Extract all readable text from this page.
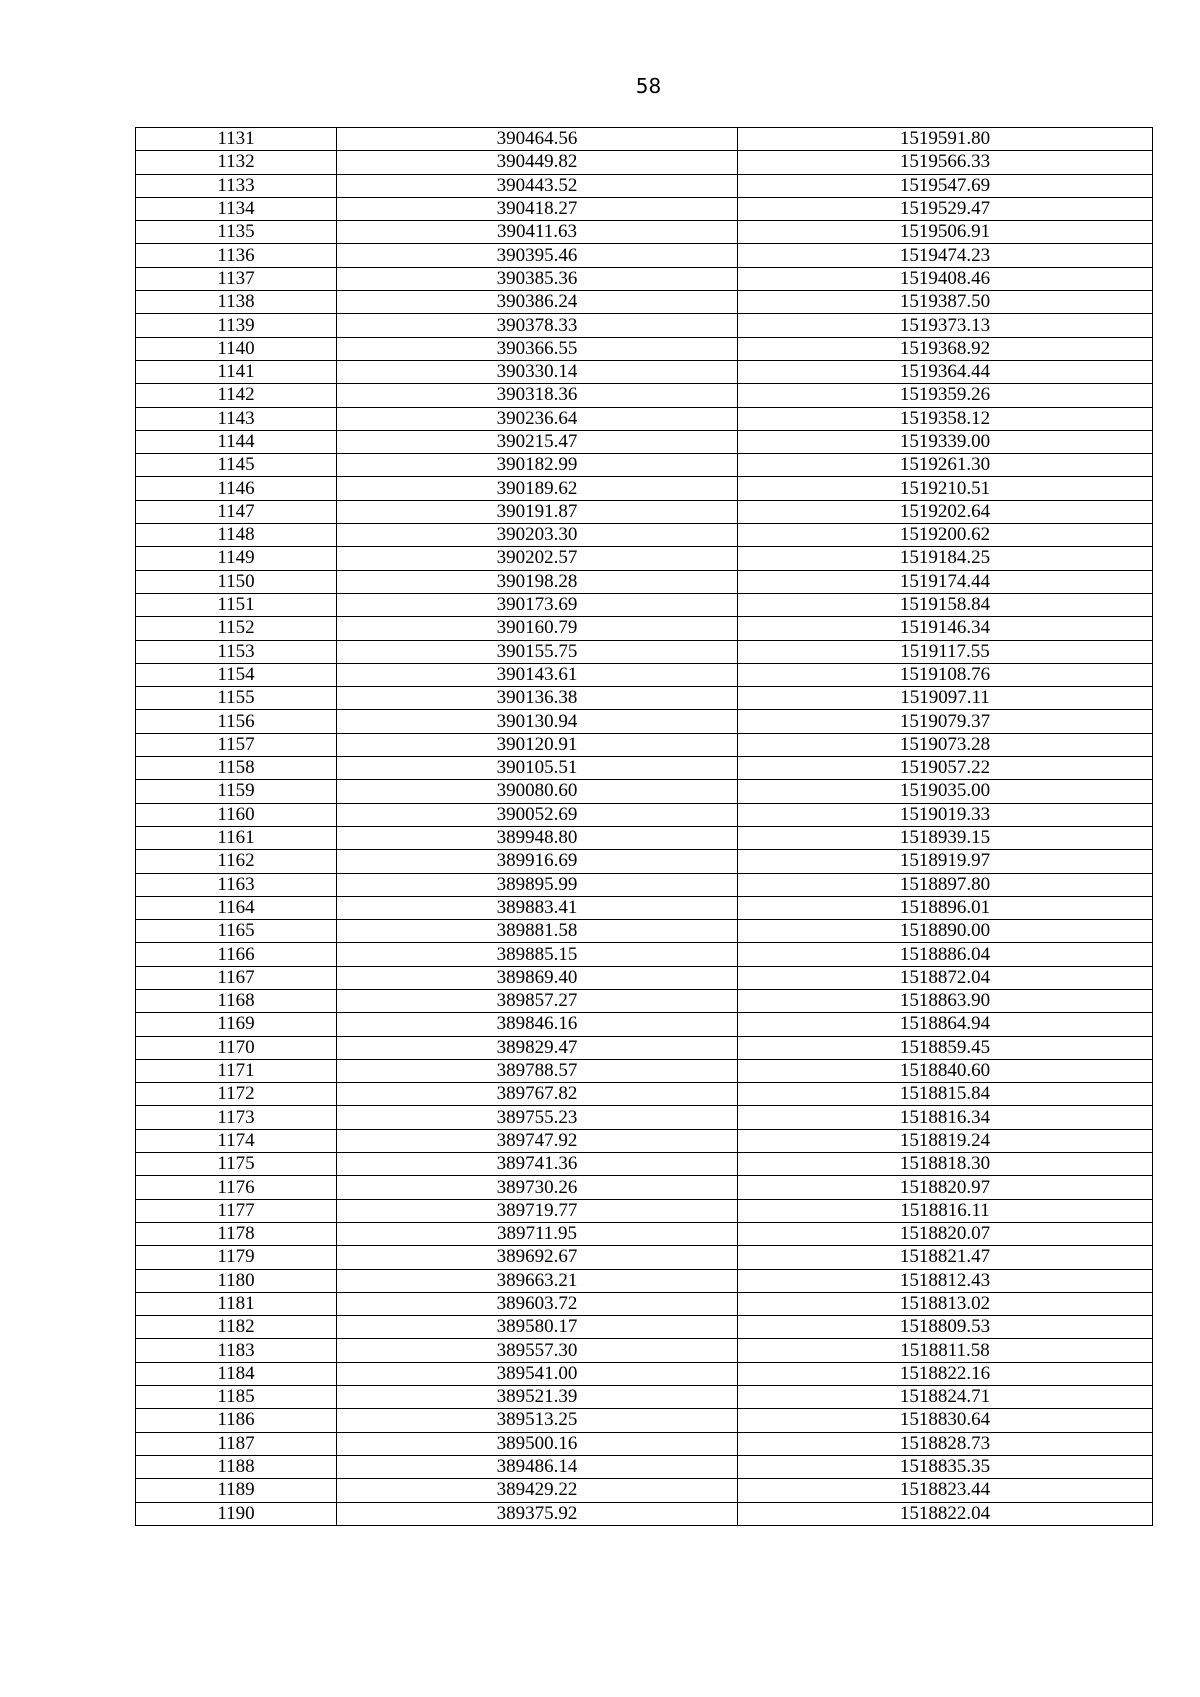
58
1131	390464.56	1519591.80
1132	390449.82	1519566.33
1133	390443.52	1519547.69
1134	390418.27	1519529.47
1135	390411.63	1519506.91
1136	390395.46	1519474.23
1137	390385.36	1519408.46
1138	390386.24	1519387.50
1139	390378.33	1519373.13
1140	390366.55	1519368.92
1141	390330.14	1519364.44
1142	390318.36	1519359.26
1143	390236.64	1519358.12
1144	390215.47	1519339.00
1145	390182.99	1519261.30
1146	390189.62	1519210.51
1147	390191.87	1519202.64
1148	390203.30	1519200.62
1149	390202.57	1519184.25
1150	390198.28	1519174.44
1151	390173.69	1519158.84
1152	390160.79	1519146.34
1153	390155.75	1519117.55
1154	390143.61	1519108.76
1155	390136.38	1519097.11
1156	390130.94	1519079.37
1157	390120.91	1519073.28
1158	390105.51	1519057.22
1159	390080.60	1519035.00
1160	390052.69	1519019.33
1161	389948.80	1518939.15
1162	389916.69	1518919.97
1163	389895.99	1518897.80
1164	389883.41	1518896.01
1165	389881.58	1518890.00
1166	389885.15	1518886.04
1167	389869.40	1518872.04
1168	389857.27	1518863.90
1169	389846.16	1518864.94
1170	389829.47	1518859.45
1171	389788.57	1518840.60
1172	389767.82	1518815.84
1173	389755.23	1518816.34
1174	389747.92	1518819.24
1175	389741.36	1518818.30
1176	389730.26	1518820.97
1177	389719.77	1518816.11
1178	389711.95	1518820.07
1179	389692.67	1518821.47
1180	389663.21	1518812.43
1181	389603.72	1518813.02
1182	389580.17	1518809.53
1183	389557.30	1518811.58
1184	389541.00	1518822.16
1185	389521.39	1518824.71
1186	389513.25	1518830.64
1187	389500.16	1518828.73
1188	389486.14	1518835.35
1189	389429.22	1518823.44
1190	389375.92	1518822.04
